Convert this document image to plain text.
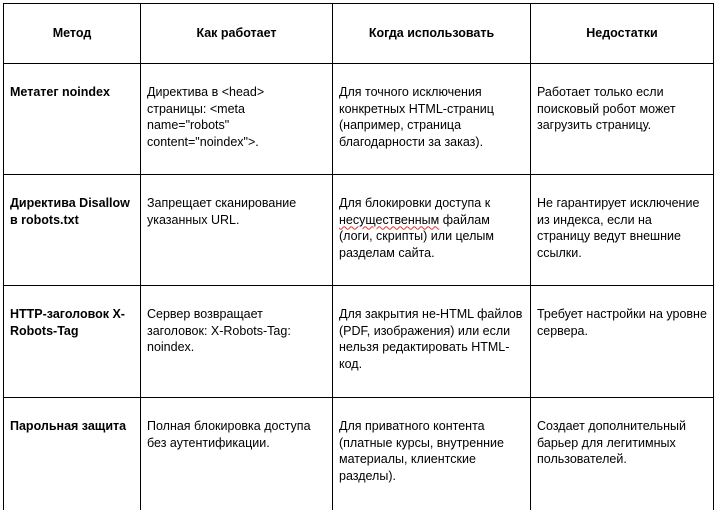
Метод	Как работает	Когда использовать	Недостатки

Метатег noindex	Директива в <head> страницы: <meta name="robots" content="noindex">.	Для точного исключения конкретных HTML-страниц (например, страница благодарности за заказ).	Работает только если поисковый робот может загрузить страницу.

Директива Disallow в robots.txt	Запрещает сканирование указанных URL.	Для блокировки доступа к несущественным файлам (логи, скрипты) или целым разделам сайта.	Не гарантирует исключение из индекса, если на страницу ведут внешние ссылки.

HTTP-заголовок X-Robots-Tag	Сервер возвращает заголовок: X-Robots-Tag: noindex.	Для закрытия не-HTML файлов (PDF, изображения) или если нельзя редактировать HTML-код.	Требует настройки на уровне сервера.

Парольная защита	Полная блокировка доступа без аутентификации.	Для приватного контента (платные курсы, внутренние материалы, клиентские разделы).	Создает дополнительный барьер для легитимных пользователей.
